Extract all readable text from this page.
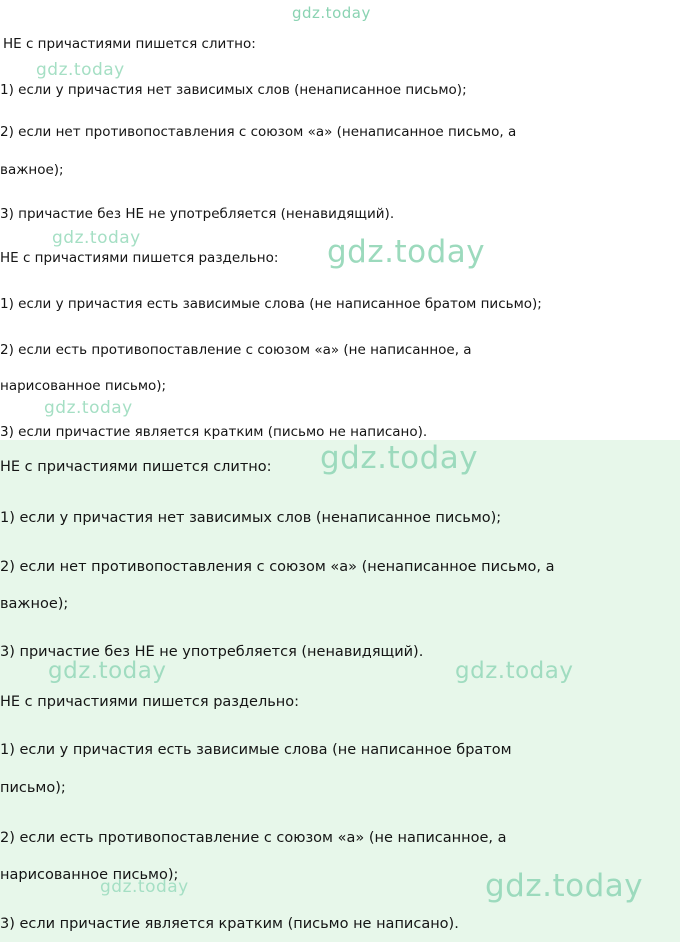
gdz.today
gdz.today
gdz.today	gdz.today
gdz.today
gdz.today
gdz.today	gdz.today
gdz.today	gdz.today
НЕ с причастиями пишется слитно:
1) если у причастия нет зависимых слов (ненаписанное письмо);
2) если нет противопоставления с союзом «а» (ненаписанное письмо, а
важное);
3) причастие без НЕ не употребляется (ненавидящий).
НЕ с причастиями пишется раздельно:
1) если у причастия есть зависимые слова (не написанное братом письмо);
2) если есть противопоставление с союзом «а» (не написанное, а
нарисованное письмо);
3) если причастие является кратким (письмо не написано).
НЕ с причастиями пишется слитно:
1) если у причастия нет зависимых слов (ненаписанное письмо);
2) если нет противопоставления с союзом «а» (ненаписанное письмо, а
важное);
3) причастие без НЕ не употребляется (ненавидящий).
НЕ с причастиями пишется раздельно:
1) если у причастия есть зависимые слова (не написанное братом
письмо);
2) если есть противопоставление с союзом «а» (не написанное, а
нарисованное письмо);
3) если причастие является кратким (письмо не написано).
